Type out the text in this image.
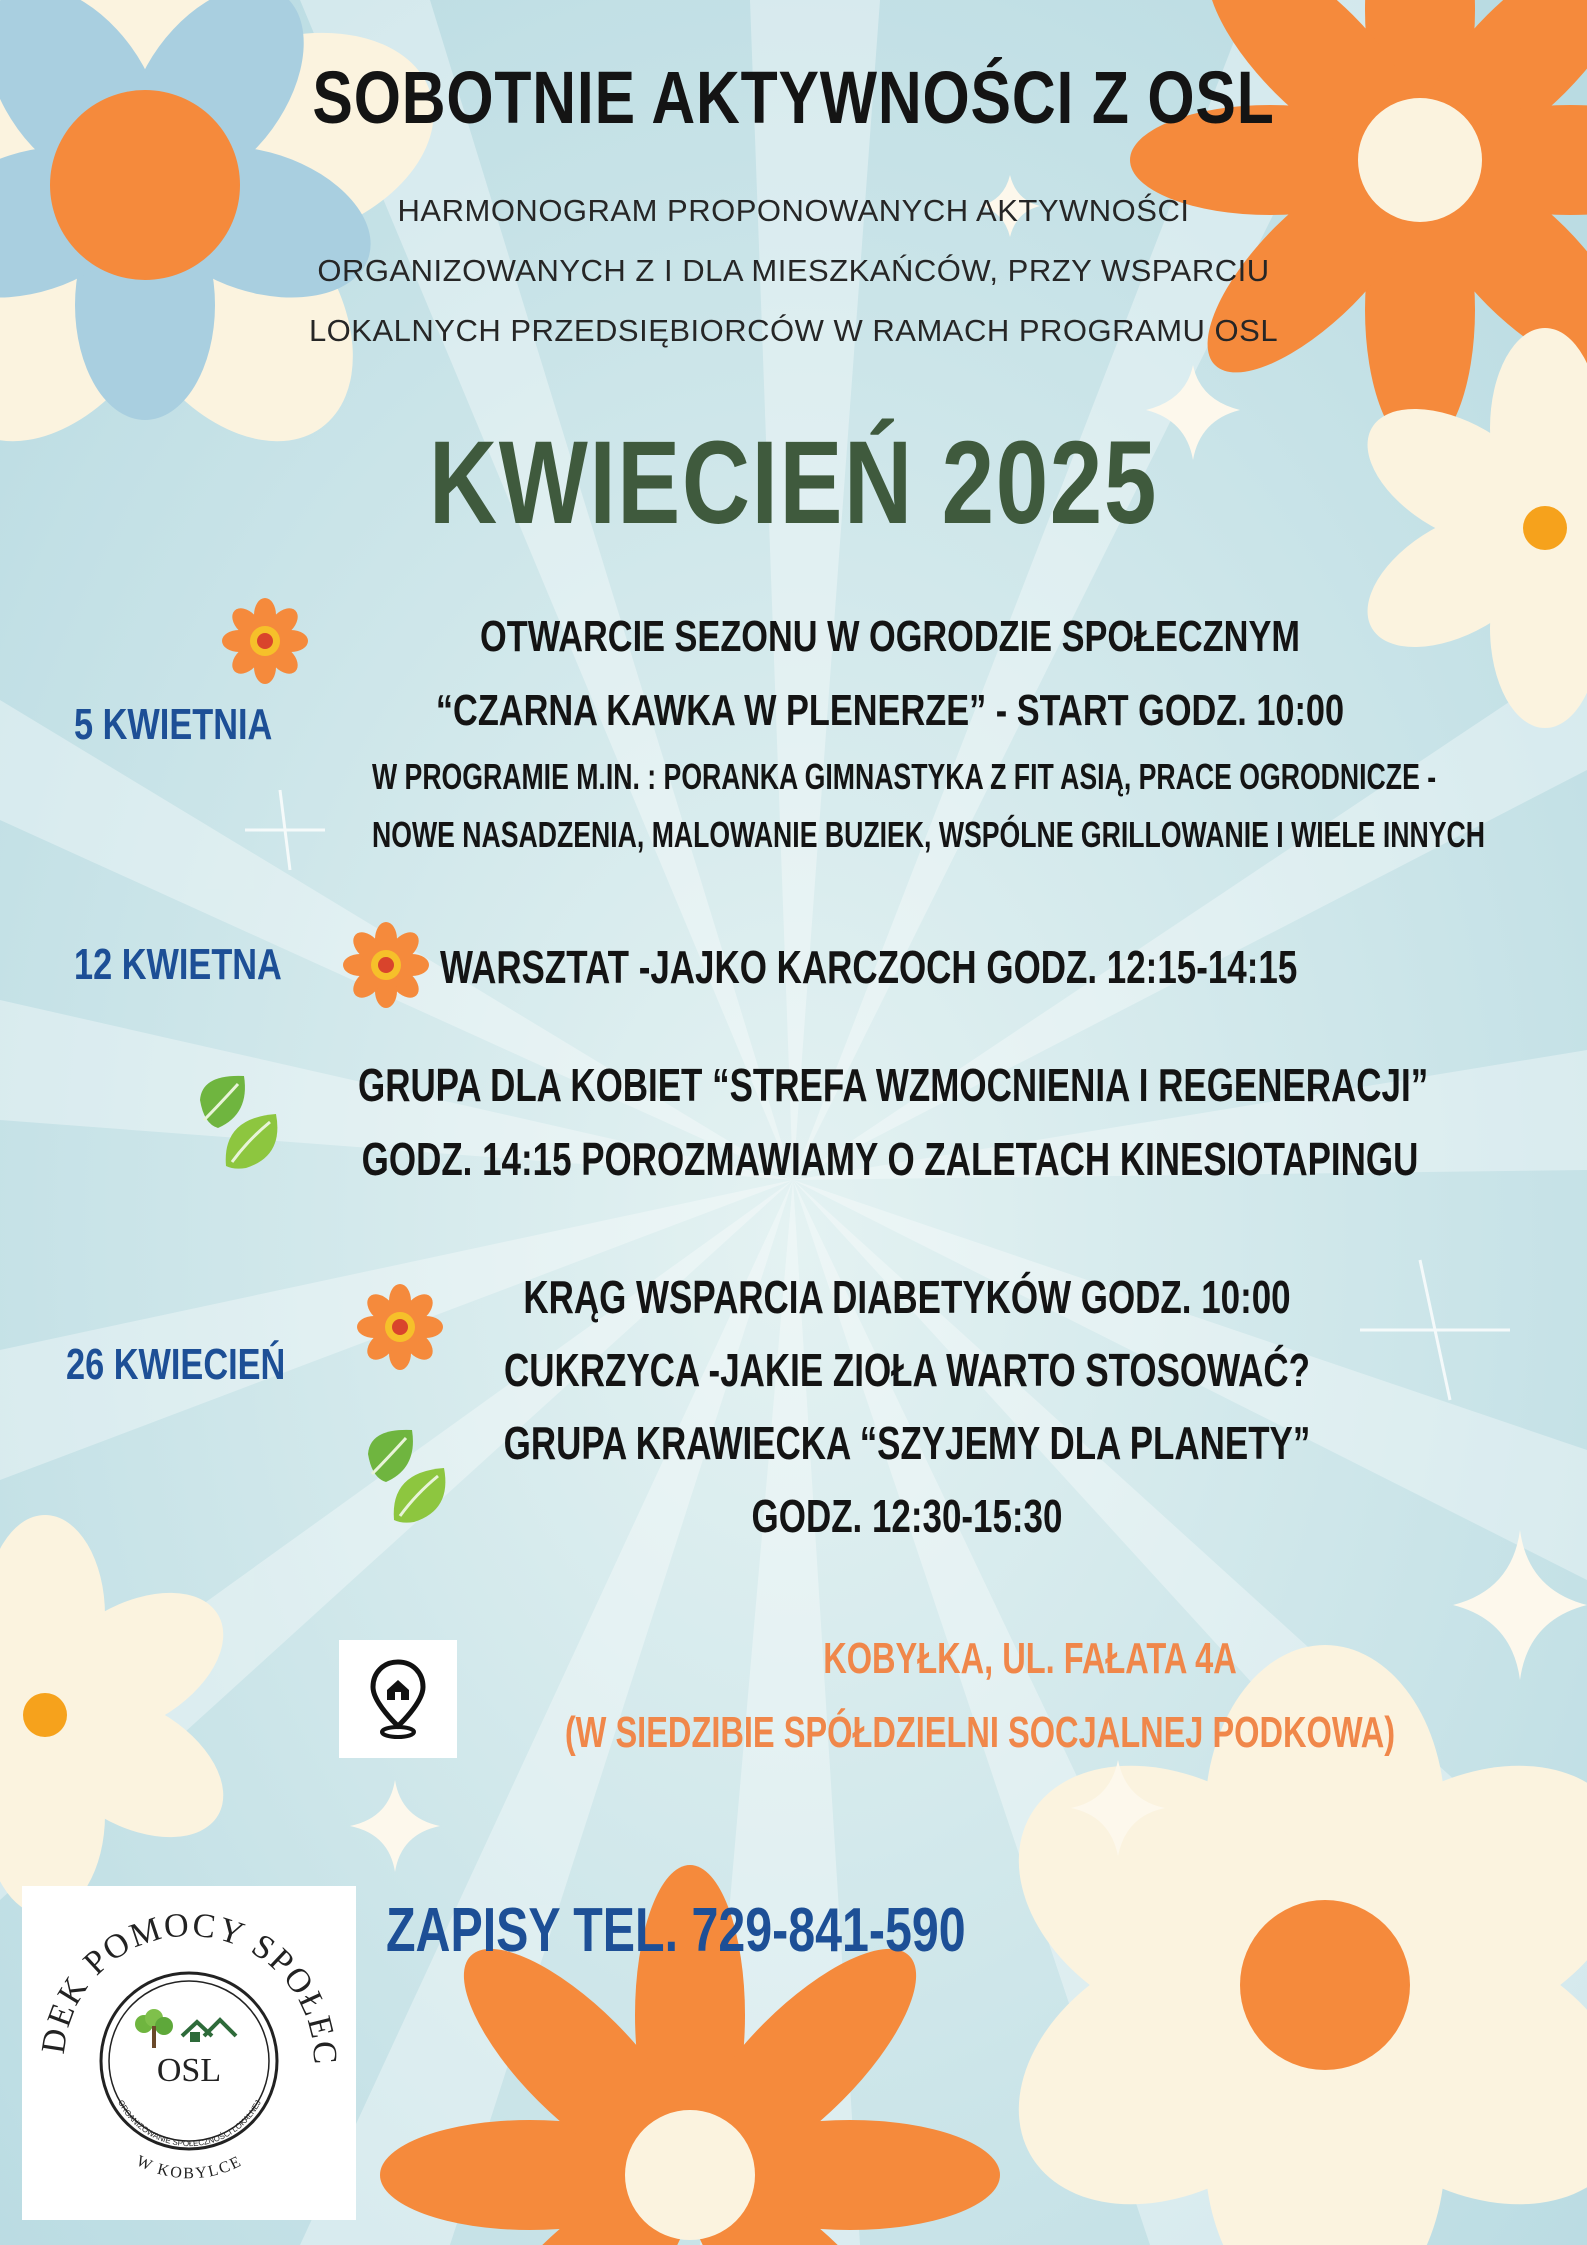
SOBOTNIE AKTYWNOŚCI Z OSL
HARMONOGRAM PROPONOWANYCH AKTYWNOŚCI
ORGANIZOWANYCH Z I DLA MIESZKAŃCÓW, PRZY WSPARCIU
LOKALNYCH PRZEDSIĘBIORCÓW W RAMACH PROGRAMU OSL
KWIECIEŃ 2025
5 KWIETNIA
OTWARCIE SEZONU W OGRODZIE SPOŁECZNYM
“CZARNA KAWKA W PLENERZE” - START GODZ. 10:00
W PROGRAMIE M.IN. : PORANKA GIMNASTYKA Z FIT ASIĄ, PRACE OGRODNICZE -
NOWE NASADZENIA, MALOWANIE BUZIEK, WSPÓLNE GRILLOWANIE I WIELE INNYCH
12 KWIETNA	WARSZTAT -JAJKO KARCZOCH GODZ. 12:15-14:15
GRUPA DLA KOBIET “STREFA WZMOCNIENIA I REGENERACJI”
GODZ. 14:15 POROZMAWIAMY O ZALETACH KINESIOTAPINGU
26 KWIECIEŃ
KRĄG WSPARCIA DIABETYKÓW GODZ. 10:00
CUKRZYCA -JAKIE ZIOŁA WARTO STOSOWAĆ?
GRUPA KRAWIECKA “SZYJEMY DLA PLANETY”
GODZ. 12:30-15:30
KOBYŁKA, UL. FAŁATA 4A
(W SIEDZIBIE SPÓŁDZIELNI SOCJALNEJ PODKOWA)
ZAPISY TEL. 729-841-590
DEK POMOCY SPOŁEC
W KOBYLCE
ORGANIZOWANIE SPOŁECZNOŚCI LOKALNEJ
OSL
